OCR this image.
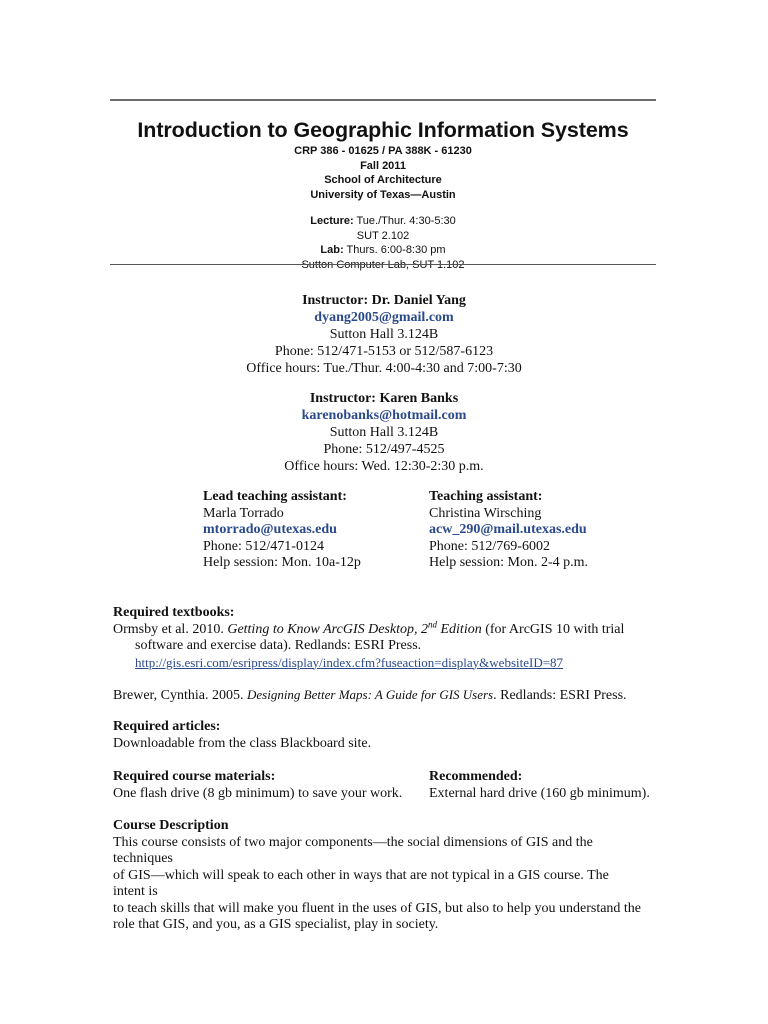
Introduction to Geographic Information Systems
CRP 386 - 01625 / PA 388K - 61230
Fall 2011
School of Architecture
University of Texas—Austin
Lecture: Tue./Thur. 4:30-5:30
SUT 2.102
Lab: Thurs. 6:00-8:30 pm
Sutton Computer Lab, SUT 1.102
Instructor: Dr. Daniel Yang
dyang2005@gmail.com
Sutton Hall 3.124B
Phone: 512/471-5153 or 512/587-6123
Office hours: Tue./Thur. 4:00-4:30 and 7:00-7:30
Instructor: Karen Banks
karenobanks@hotmail.com
Sutton Hall 3.124B
Phone: 512/497-4525
Office hours: Wed. 12:30-2:30 p.m.
Lead teaching assistant:
Marla Torrado
mtorrado@utexas.edu
Phone: 512/471-0124
Help session: Mon. 10a-12p
Teaching assistant:
Christina Wirsching
acw_290@mail.utexas.edu
Phone: 512/769-6002
Help session: Mon. 2-4 p.m.
Required textbooks:
Ormsby et al. 2010. Getting to Know ArcGIS Desktop, 2nd Edition (for ArcGIS 10 with trial
software and exercise data). Redlands: ESRI Press.
http://gis.esri.com/esripress/display/index.cfm?fuseaction=display&websiteID=87
Brewer, Cynthia. 2005. Designing Better Maps: A Guide for GIS Users. Redlands: ESRI Press.
Required articles:
Downloadable from the class Blackboard site.
Required course materials:
One flash drive (8 gb minimum) to save your work.
Recommended:
External hard drive (160 gb minimum).
Course Description
This course consists of two major components—the social dimensions of GIS and the techniques
of GIS—which will speak to each other in ways that are not typical in a GIS course. The intent is
to teach skills that will make you fluent in the uses of GIS, but also to help you understand the
role that GIS, and you, as a GIS specialist, play in society.
